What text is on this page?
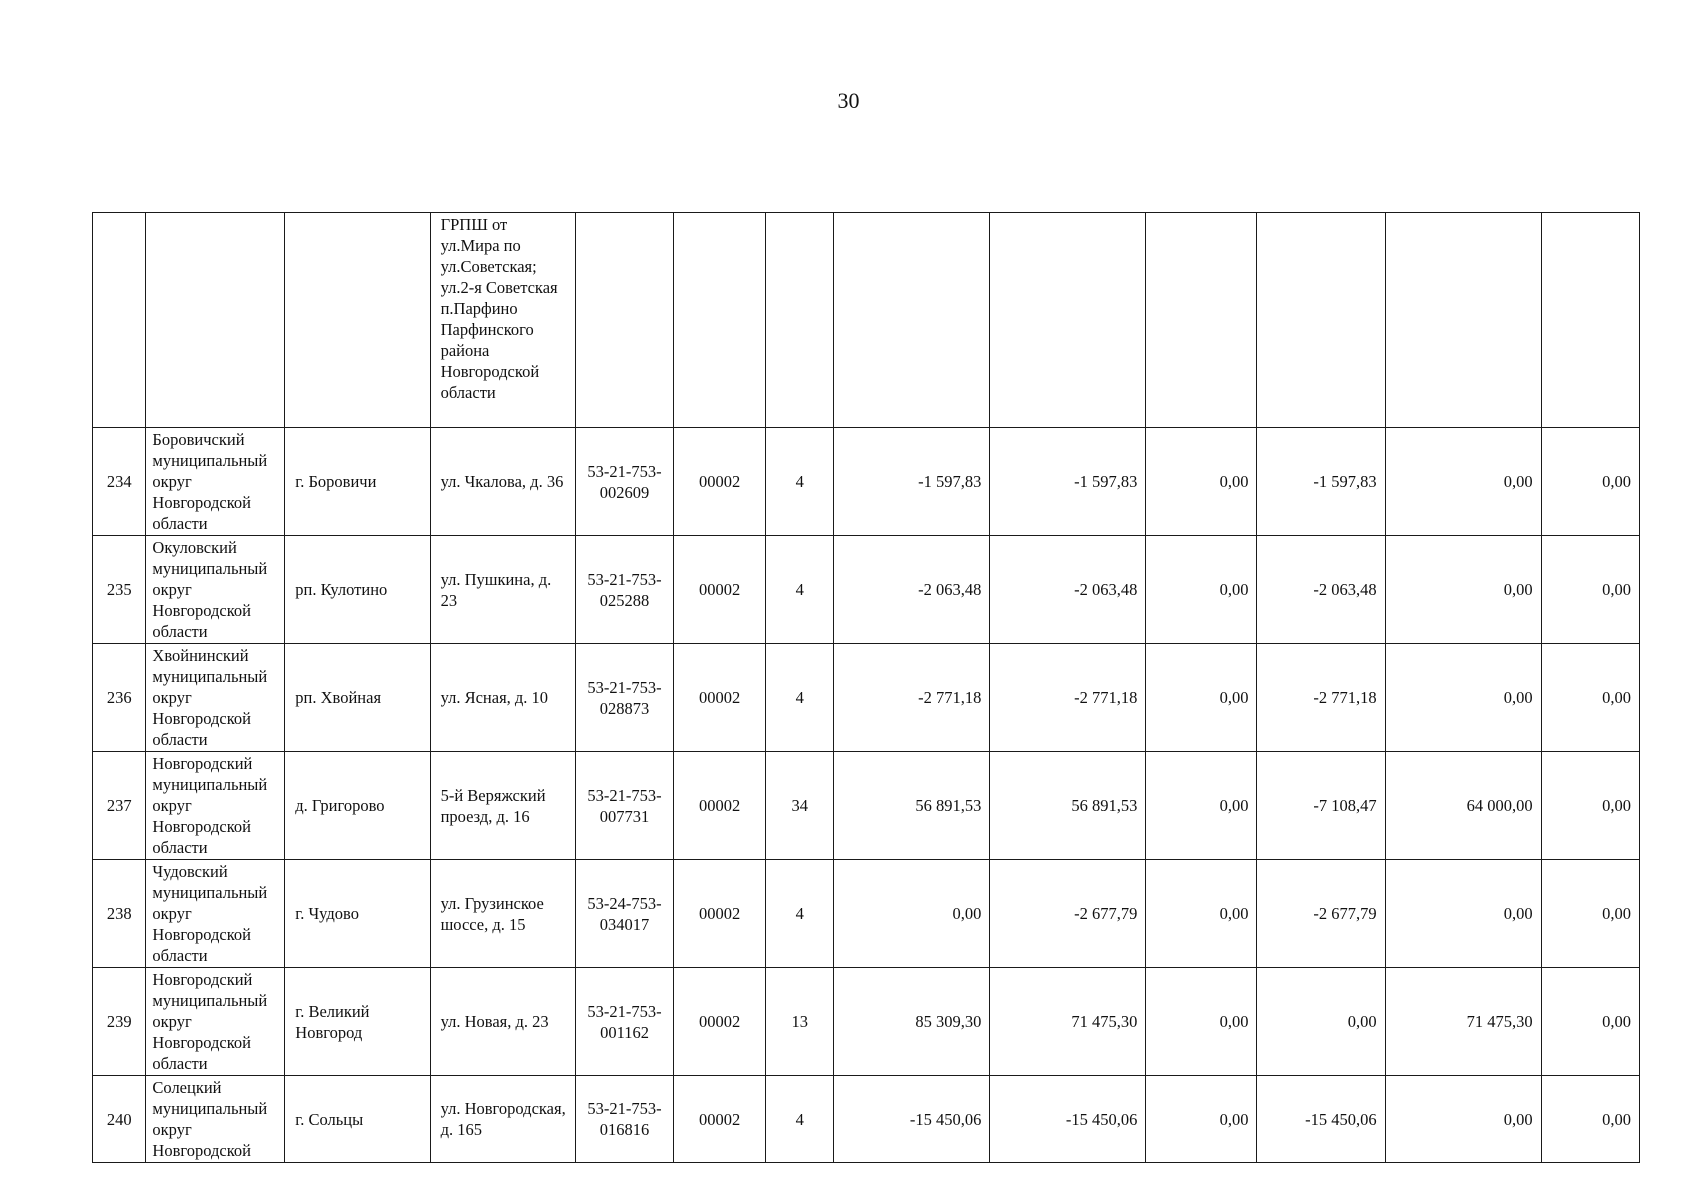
30
			ГРПШ от ул.Мира по ул.Советская; ул.2-я Советская п.Парфино Парфинского района Новгородской области									
234	Боровичский муниципальный округ Новгородской области	г. Боровичи	ул. Чкалова, д. 36	53-21-753-002609	00002	4	-1 597,83	-1 597,83	0,00	-1 597,83	0,00	0,00
235	Окуловский муниципальный округ Новгородской области	рп. Кулотино	ул. Пушкина, д. 23	53-21-753-025288	00002	4	-2 063,48	-2 063,48	0,00	-2 063,48	0,00	0,00
236	Хвойнинский муниципальный округ Новгородской области	рп. Хвойная	ул. Ясная, д. 10	53-21-753-028873	00002	4	-2 771,18	-2 771,18	0,00	-2 771,18	0,00	0,00
237	Новгородский муниципальный округ Новгородской области	д. Григорово	5-й Веряжский проезд, д. 16	53-21-753-007731	00002	34	56 891,53	56 891,53	0,00	-7 108,47	64 000,00	0,00
238	Чудовский муниципальный округ Новгородской области	г. Чудово	ул. Грузинское шоссе, д. 15	53-24-753-034017	00002	4	0,00	-2 677,79	0,00	-2 677,79	0,00	0,00
239	Новгородский муниципальный округ Новгородской области	г. Великий Новгород	ул. Новая, д. 23	53-21-753-001162	00002	13	85 309,30	71 475,30	0,00	0,00	71 475,30	0,00
240	Солецкий муниципальный округ Новгородской	г. Сольцы	ул. Новгородская, д. 165	53-21-753-016816	00002	4	-15 450,06	-15 450,06	0,00	-15 450,06	0,00	0,00
